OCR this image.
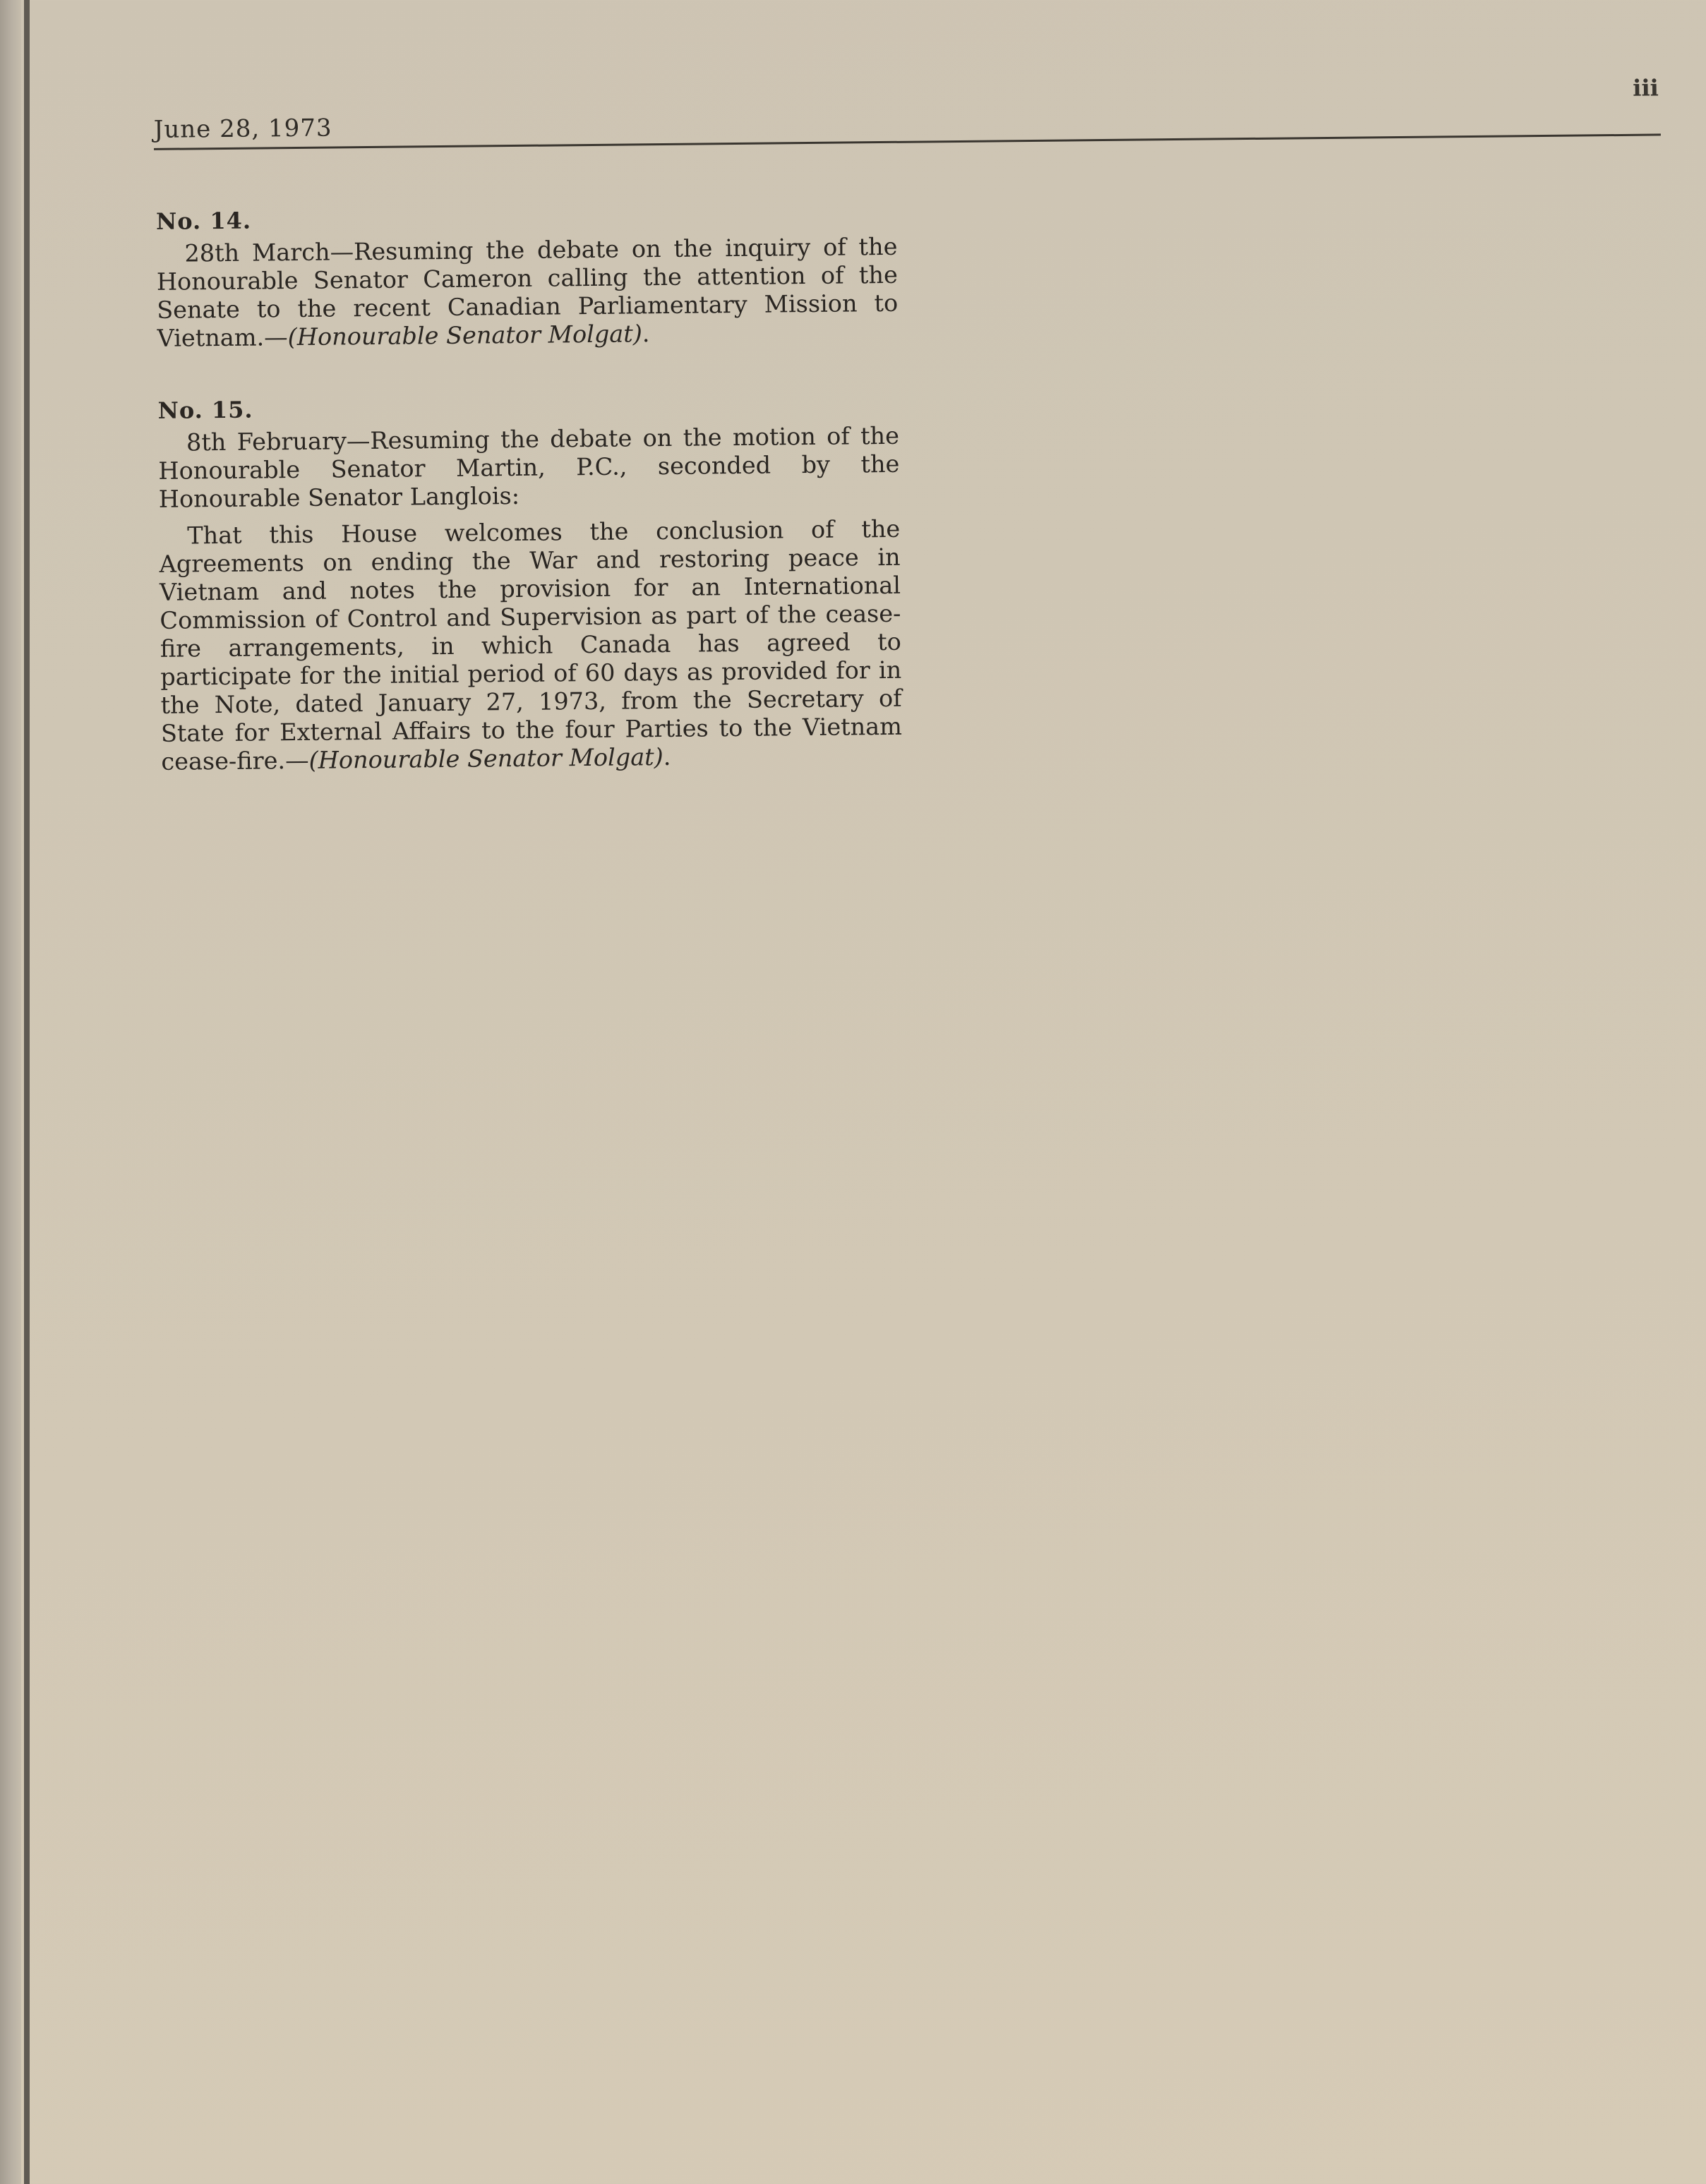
June 28, 1973
iii

No. 14.

28th March—Resuming the debate on the inquiry of the Honourable Senator Cameron calling the attention of the Senate to the recent Canadian Parliamentary Mission to Vietnam.—(Honourable Senator Molgat).

No. 15.

8th February—Resuming the debate on the motion of the Honourable Senator Martin, P.C., seconded by the Honourable Senator Langlois:

That this House welcomes the conclusion of the Agreements on ending the War and restoring peace in Vietnam and notes the provision for an International Commission of Control and Supervision as part of the cease-fire arrangements, in which Canada has agreed to participate for the initial period of 60 days as provided for in the Note, dated January 27, 1973, from the Secretary of State for External Affairs to the four Parties to the Vietnam cease-fire.—(Honourable Senator Molgat).
